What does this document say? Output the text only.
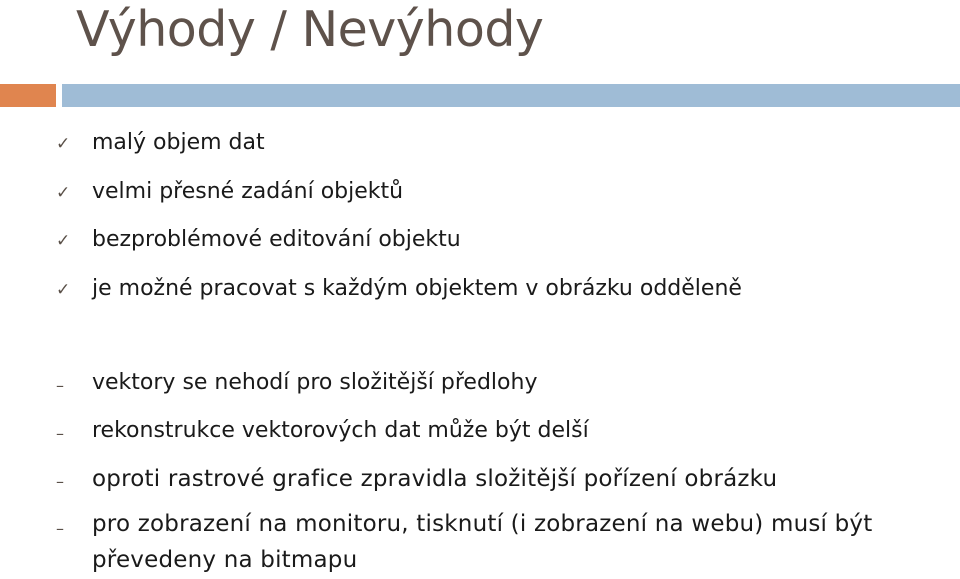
Výhody / Nevýhody
✓ malý objem dat
✓ velmi přesné zadání objektů
✓ bezproblémové editování objektu
✓ je možné pracovat s každým objektem v obrázku odděleně
– vektory se nehodí pro složitější předlohy
– rekonstrukce vektorových dat může být delší
– oproti rastrové grafice zpravidla složitější pořízení obrázku
– pro zobrazení na monitoru, tisknutí (i zobrazení na webu) musí být převedeny na bitmapu
